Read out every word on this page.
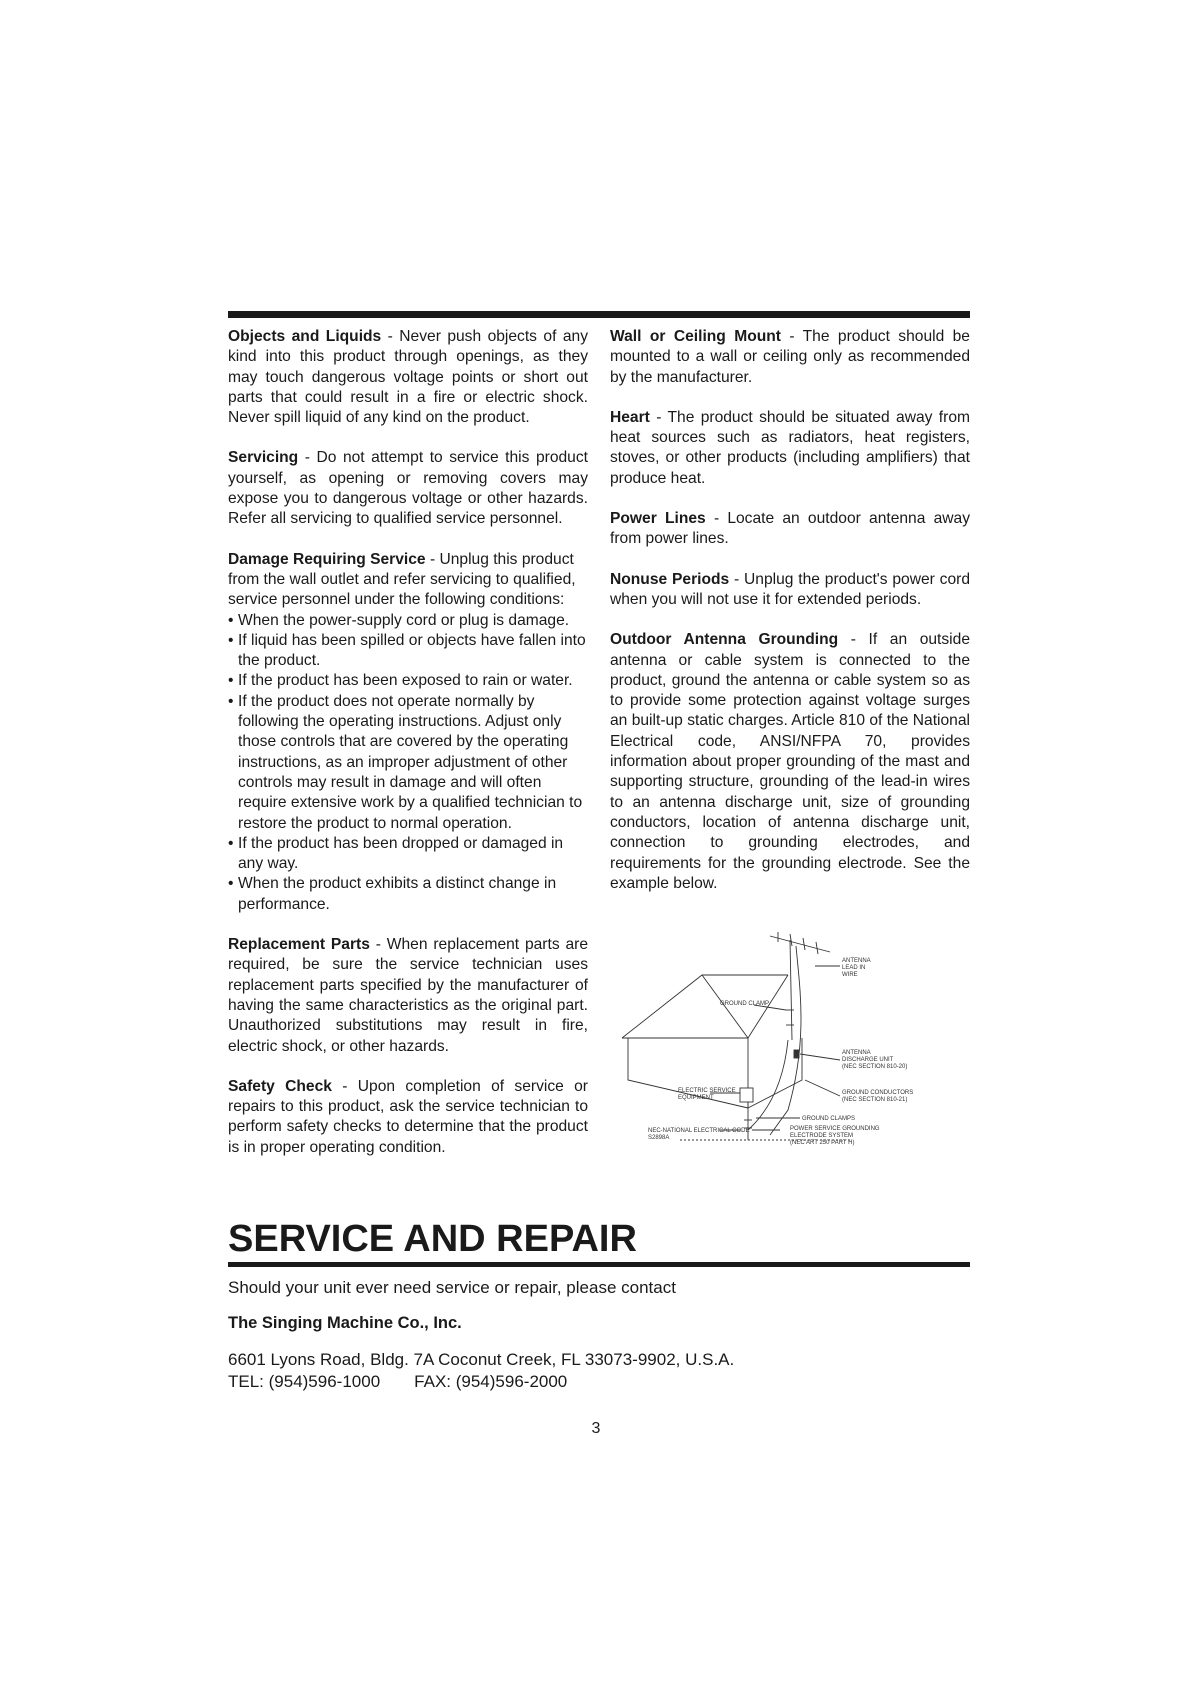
Objects and Liquids - Never push objects of any kind into this product through openings, as they may touch dangerous voltage points or short out parts that could result in a fire or electric shock. Never spill liquid of any kind on the product.

Servicing - Do not attempt to service this product yourself, as opening or removing covers may expose you to dangerous voltage or other hazards. Refer all servicing to qualified service personnel.

Damage Requiring Service - Unplug this product from the wall outlet and refer servicing to qualified, service personnel under the following conditions:
• When the power-supply cord or plug is damage.
• If liquid has been spilled or objects have fallen into the product.
• If the product has been exposed to rain or water.
• If the product does not operate normally by following the operating instructions. Adjust only those controls that are covered by the operating instructions, as an improper adjustment of other controls may result in damage and will often require extensive work by a qualified technician to restore the product to normal operation.
• If the product has been dropped or damaged in any way.
• When the product exhibits a distinct change in performance.

Replacement Parts - When replacement parts are required, be sure the service technician uses replacement parts specified by the manufacturer of having the same characteristics as the original part. Unauthorized substitutions may result in fire, electric shock, or other hazards.

Safety Check - Upon completion of service or repairs to this product, ask the service technician to perform safety checks to determine that the product is in proper operating condition.

Wall or Ceiling Mount - The product should be mounted to a wall or ceiling only as recommended by the manufacturer.

Heart - The product should be situated away from heat sources such as radiators, heat registers, stoves, or other products (including amplifiers) that produce heat.

Power Lines - Locate an outdoor antenna away from power lines.

Nonuse Periods - Unplug the product's power cord when you will not use it for extended periods.

Outdoor Antenna Grounding - If an outside antenna or cable system is connected to the product, ground the antenna or cable system so as to provide some protection against voltage surges an built-up static charges. Article 810 of the National Electrical code, ANSI/NFPA 70, provides information about proper grounding of the mast and supporting structure, grounding of the lead-in wires to an antenna discharge unit, size of grounding conductors, location of antenna discharge unit, connection to grounding electrodes, and requirements for the grounding electrode. See the example below.

ANTENNA LEAD IN WIRE
GROUND CLAMP
ANTENNA DISCHARGE UNIT (NEC SECTION 810-20)
ELECTRIC SERVICE EQUIPMENT
GROUND CONDUCTORS (NEC SECTION 810-21)
GROUND CLAMPS
NEC-NATIONAL ELECTRICAL CODE S2898A
POWER SERVICE GROUNDING ELECTRODE SYSTEM (NEC ART 250 PART H)
SERVICE AND REPAIR
Should your unit ever need service or repair, please contact
The Singing Machine Co., Inc.
6601 Lyons Road, Bldg. 7A Coconut Creek, FL 33073-9902, U.S.A.
TEL: (954)596-1000 FAX: (954)596-2000
3
